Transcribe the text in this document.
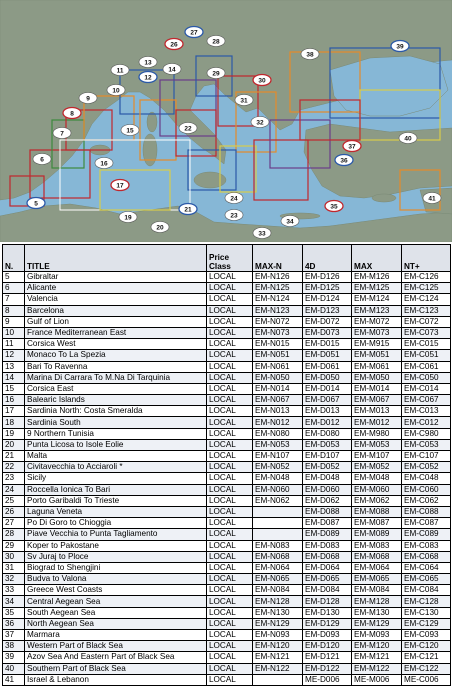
5
6
7
8
9
10
11
12
13
14
15
16
17
19
20
21
22
23
24
26
27
28
29
30
31
32
33
34
35
36
37
38
39
40
41
N.	TITLE	Price Class	MAX-N	4D	MAX	NT+
5	Gibraltar	LOCAL	EM-N126	EM-D126	EM-M126	EM-C126
6	Alicante	LOCAL	EM-N125	EM-D125	EM-M125	EM-C125
7	Valencia	LOCAL	EM-N124	EM-D124	EM-M124	EM-C124
8	Barcelona	LOCAL	EM-N123	EM-D123	EM-M123	EM-C123
9	Gulf of Lion	LOCAL	EM-N072	EM-D072	EM-M072	EM-C072
10	France Mediterranean East	LOCAL	EM-N073	EM-D073	EM-M073	EM-C073
11	Corsica West	LOCAL	EM-N015	EM-D015	EM-M915	EM-C015
12	Monaco To La Spezia	LOCAL	EM-N051	EM-D051	EM-M051	EM-C051
13	Bari To Ravenna	LOCAL	EM-N061	EM-D061	EM-M061	EM-C061
14	Marina Di Carrara To M.Na Di Tarquinia	LOCAL	EM-N050	EM-D050	EM-M050	EM-C050
15	Corsica East	LOCAL	EM-N014	EM-D014	EM-M014	EM-C014
16	Balearic Islands	LOCAL	EM-N067	EM-D067	EM-M067	EM-C067
17	Sardinia North: Costa Smeralda	LOCAL	EM-N013	EM-D013	EM-M013	EM-C013
18	Sardinia South	LOCAL	EM-N012	EM-D012	EM-M012	EM-C012
19	9 Northern Tunisia	LOCAL	EM-N080	EM-D080	EM-M980	EM-C980
20	Punta Licosa to Isole Eolie	LOCAL	EM-N053	EM-D053	EM-M053	EM-C053
21	Malta	LOCAL	EM-N107	EM-D107	EM-M107	EM-C107
22	Civitavecchia to Acciaroli *	LOCAL	EM-N052	EM-D052	EM-M052	EM-C052
23	Sicily	LOCAL	EM-N048	EM-D048	EM-M048	EM-C048
24	Roccella Ionica To Bari	LOCAL	EM-N060	EM-D060	EM-M060	EM-C060
25	Porto Garibaldi To Trieste	LOCAL	EM-N062	EM-D062	EM-M062	EM-C062
26	Laguna Veneta	LOCAL		EM-D088	EM-M088	EM-C088
27	Po Di Goro to Chioggia	LOCAL		EM-D087	EM-M087	EM-C087
28	Piave Vecchia to Punta Tagliamento	LOCAL		EM-D089	EM-M089	EM-C089
29	Koper to Pakostane	LOCAL	EM-N083	EM-D083	EM-M083	EM-C083
30	Sv Juraj to Ploce	LOCAL	EM-N068	EM-D068	EM-M068	EM-C068
31	Biograd to Shengjini	LOCAL	EM-N064	EM-D064	EM-M064	EM-C064
32	Budva to Valona	LOCAL	EM-N065	EM-D065	EM-M065	EM-C065
33	Greece West Coasts	LOCAL	EM-N084	EM-D084	EM-M084	EM-C084
34	Central Aegean Sea	LOCAL	EM-N128	EM-D128	EM-M128	EM-C128
35	South Aegean Sea	LOCAL	EM-N130	EM-D130	EM-M130	EM-C130
36	North Aegean Sea	LOCAL	EM-N129	EM-D129	EM-M129	EM-C129
37	Marmara	LOCAL	EM-N093	EM-D093	EM-M093	EM-C093
38	Western Part of Black Sea	LOCAL	EM-N120	EM-D120	EM-M120	EM-C120
39	Azov Sea And Eastern Part of Black Sea	LOCAL	EM-N121	EM-D121	EM-M121	EM-C121
40	Southern Part of Black Sea	LOCAL	EM-N122	EM-D122	EM-M122	EM-C122
41	Israel & Lebanon	LOCAL		ME-D006	ME-M006	ME-C006
